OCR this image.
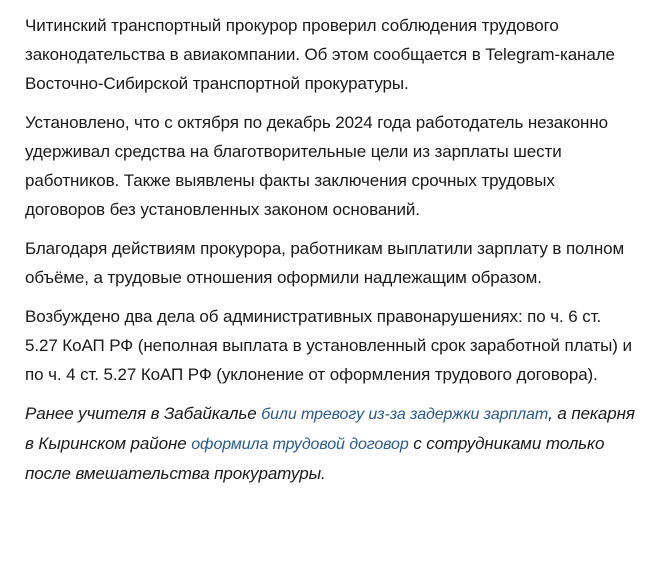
Читинский транспортный прокурор проверил соблюдения трудового законодательства в авиакомпании. Об этом сообщается в Telegram-канале Восточно-Сибирской транспортной прокуратуры.

Установлено, что с октября по декабрь 2024 года работодатель незаконно удерживал средства на благотворительные цели из зарплаты шести работников. Также выявлены факты заключения срочных трудовых договоров без установленных законом оснований.

Благодаря действиям прокурора, работникам выплатили зарплату в полном объёме, а трудовые отношения оформили надлежащим образом.

Возбуждено два дела об административных правонарушениях: по ч. 6 ст. 5.27 КоАП РФ (неполная выплата в установленный срок заработной платы) и по ч. 4 ст. 5.27 КоАП РФ (уклонение от оформления трудового договора).

Ранее учителя в Забайкалье били тревогу из-за задержки зарплат, а пекарня в Кыринском районе оформила трудовой договор с сотрудниками только после вмешательства прокуратуры.
